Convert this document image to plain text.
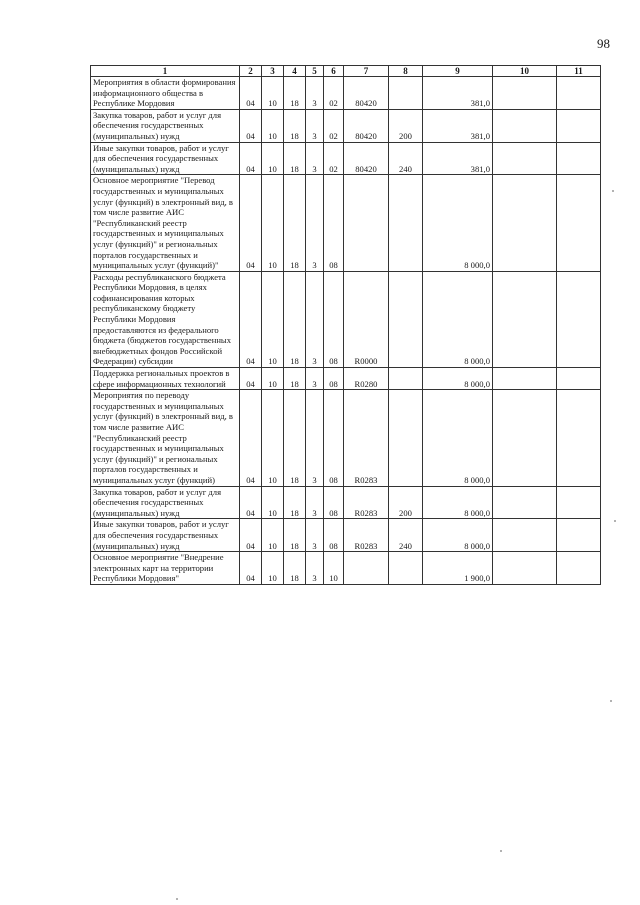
98
1	2	3	4	5	6	7	8	9	10	11
Мероприятия в области формирования информационного общества в Республике Мордовия	04	10	18	3	02	80420		381,0		
Закупка товаров, работ и услуг для обеспечения государственных (муниципальных) нужд	04	10	18	3	02	80420	200	381,0		
Иные закупки товаров, работ и услуг для обеспечения государственных (муниципальных) нужд	04	10	18	3	02	80420	240	381,0		
Основное мероприятие "Перевод государственных и муниципальных услуг (функций) в электронный вид, в том числе развитие АИС "Республиканский реестр государственных и муниципальных услуг (функций)" и региональных порталов государственных и муниципальных услуг (функций)"	04	10	18	3	08			8 000,0		
Расходы республиканского бюджета Республики Мордовия, в целях софинансирования которых республиканскому бюджету Республики Мордовия предоставляются из федерального бюджета (бюджетов государственных внебюджетных фондов Российской Федерации) субсидии	04	10	18	3	08	R0000		8 000,0		
Поддержка региональных проектов в сфере информационных технологий	04	10	18	3	08	R0280		8 000,0		
Мероприятия по переводу государственных и муниципальных услуг (функций) в электронный вид, в том числе развитие АИС "Республиканский реестр государственных и муниципальных услуг (функций)" и региональных порталов государственных и муниципальных услуг (функций)	04	10	18	3	08	R0283		8 000,0		
Закупка товаров, работ и услуг для обеспечения государственных (муниципальных) нужд	04	10	18	3	08	R0283	200	8 000,0		
Иные закупки товаров, работ и услуг для обеспечения государственных (муниципальных) нужд	04	10	18	3	08	R0283	240	8 000,0		
Основное мероприятие "Внедрение электронных карт на территории Республики Мордовия"	04	10	18	3	10			1 900,0		
